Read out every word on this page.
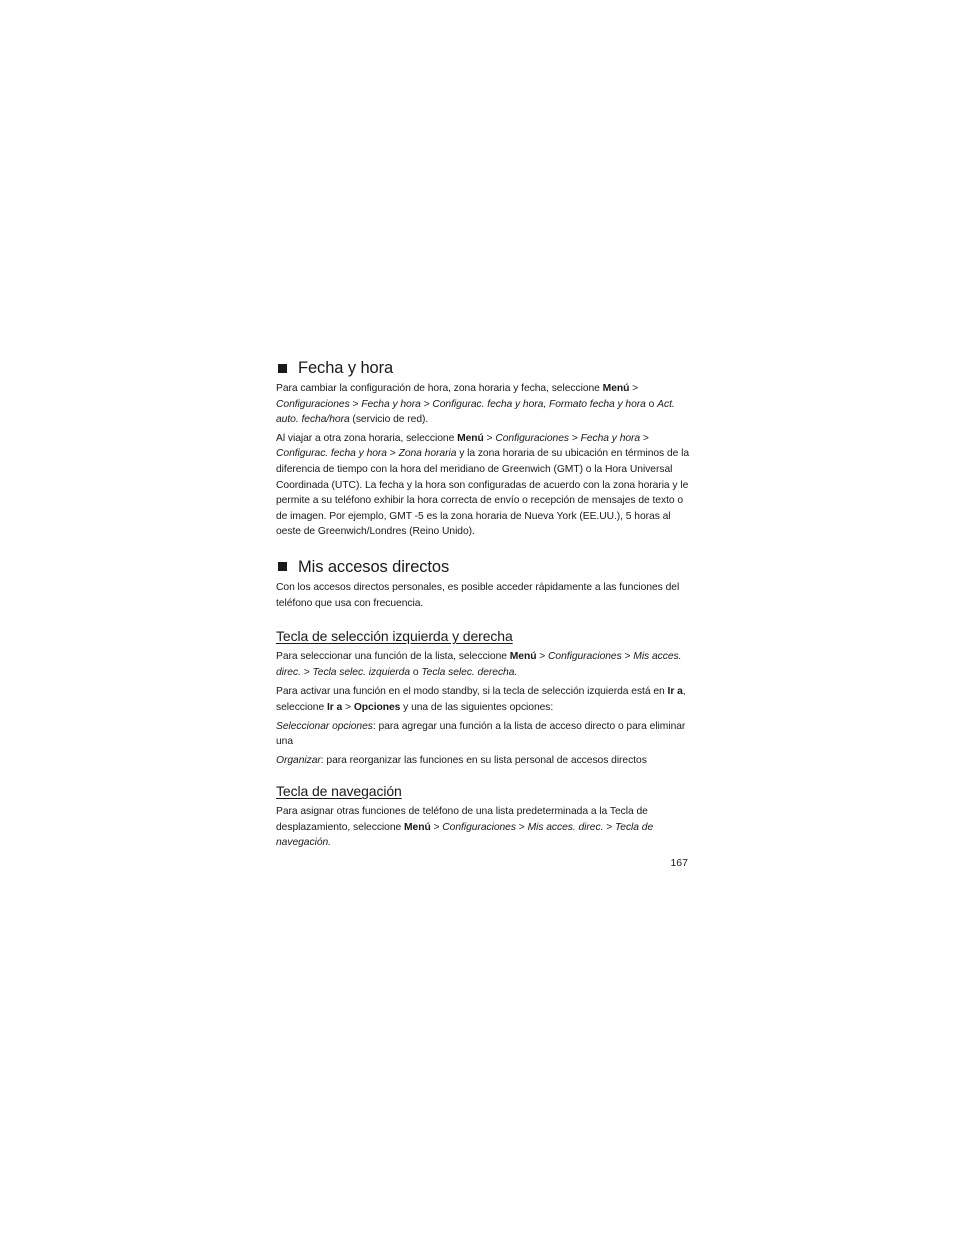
Fecha y hora

Para cambiar la configuración de hora, zona horaria y fecha, seleccione Menú > Configuraciones > Fecha y hora > Configurac. fecha y hora, Formato fecha y hora o Act. auto. fecha/hora (servicio de red).

Al viajar a otra zona horaria, seleccione Menú > Configuraciones > Fecha y hora > Configurac. fecha y hora > Zona horaria y la zona horaria de su ubicación en términos de la diferencia de tiempo con la hora del meridiano de Greenwich (GMT) o la Hora Universal Coordinada (UTC). La fecha y la hora son configuradas de acuerdo con la zona horaria y le permite a su teléfono exhibir la hora correcta de envío o recepción de mensajes de texto o de imagen. Por ejemplo, GMT -5 es la zona horaria de Nueva York (EE.UU.), 5 horas al oeste de Greenwich/Londres (Reino Unido).

Mis accesos directos

Con los accesos directos personales, es posible acceder rápidamente a las funciones del teléfono que usa con frecuencia.

Tecla de selección izquierda y derecha

Para seleccionar una función de la lista, seleccione Menú > Configuraciones > Mis acces. direc. > Tecla selec. izquierda o Tecla selec. derecha.

Para activar una función en el modo standby, si la tecla de selección izquierda está en Ir a, seleccione Ir a > Opciones y una de las siguientes opciones:

Seleccionar opciones: para agregar una función a la lista de acceso directo o para eliminar una

Organizar: para reorganizar las funciones en su lista personal de accesos directos

Tecla de navegación

Para asignar otras funciones de teléfono de una lista predeterminada a la Tecla de desplazamiento, seleccione Menú > Configuraciones > Mis acces. direc. > Tecla de navegación.

167
